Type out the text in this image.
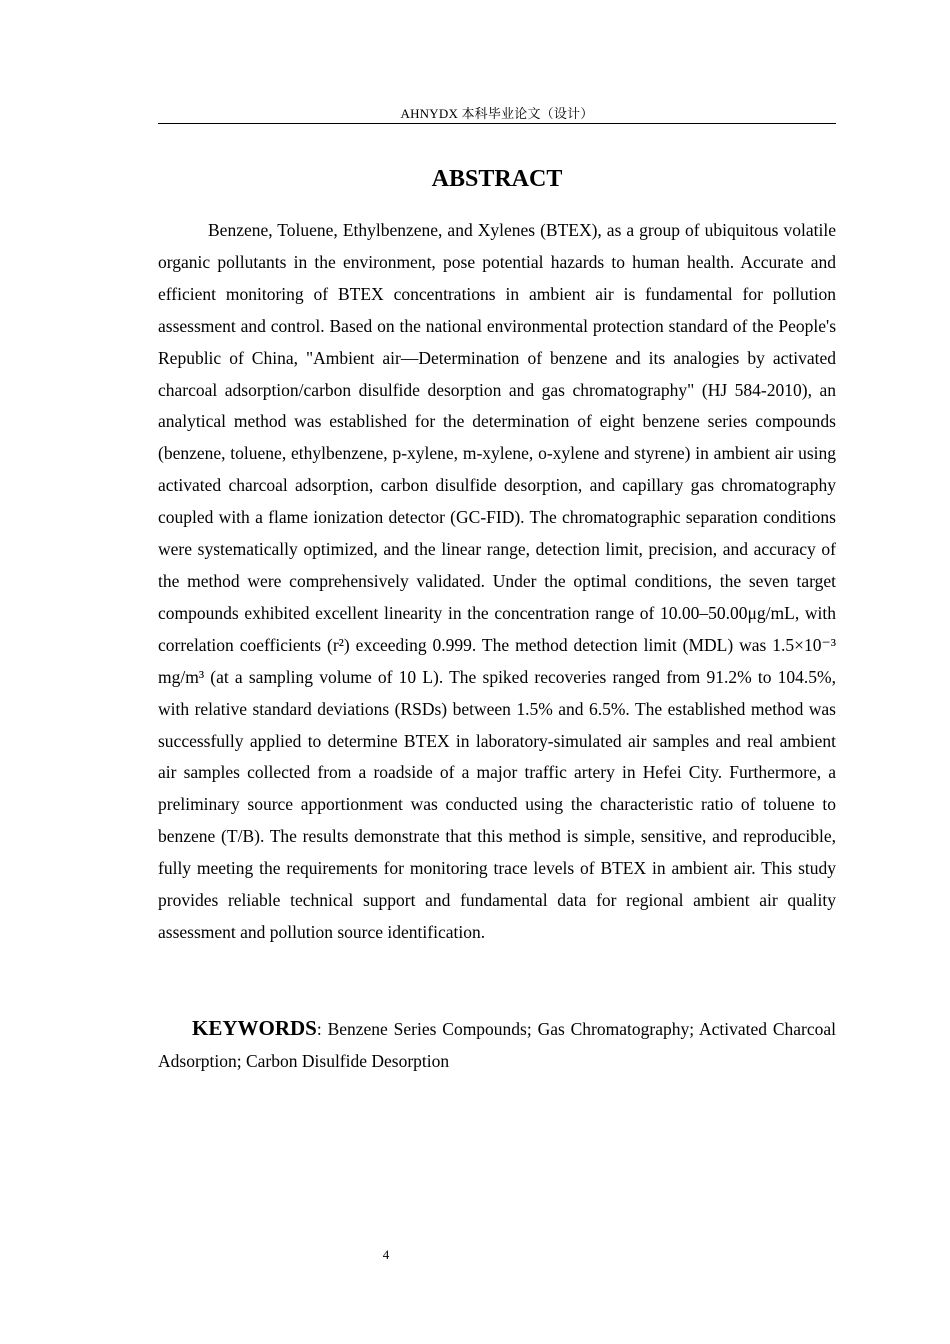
AHNYDX 本科毕业论文（设计）
ABSTRACT

Benzene, Toluene, Ethylbenzene, and Xylenes (BTEX), as a group of ubiquitous volatile organic pollutants in the environment, pose potential hazards to human health. Accurate and efficient monitoring of BTEX concentrations in ambient air is fundamental for pollution assessment and control. Based on the national environmental protection standard of the People's Republic of China, "Ambient air—Determination of benzene and its analogies by activated charcoal adsorption/carbon disulfide desorption and gas chromatography" (HJ 584-2010), an analytical method was established for the determination of eight benzene series compounds (benzene, toluene, ethylbenzene, p-xylene, m-xylene, o-xylene and styrene) in ambient air using activated charcoal adsorption, carbon disulfide desorption, and capillary gas chromatography coupled with a flame ionization detector (GC-FID). The chromatographic separation conditions were systematically optimized, and the linear range, detection limit, precision, and accuracy of the method were comprehensively validated. Under the optimal conditions, the seven target compounds exhibited excellent linearity in the concentration range of 10.00–50.00μg/mL, with correlation coefficients (r²) exceeding 0.999. The method detection limit (MDL) was 1.5×10⁻³ mg/m³ (at a sampling volume of 10 L). The spiked recoveries ranged from 91.2% to 104.5%, with relative standard deviations (RSDs) between 1.5% and 6.5%. The established method was successfully applied to determine BTEX in laboratory-simulated air samples and real ambient air samples collected from a roadside of a major traffic artery in Hefei City. Furthermore, a preliminary source apportionment was conducted using the characteristic ratio of toluene to benzene (T/B). The results demonstrate that this method is simple, sensitive, and reproducible, fully meeting the requirements for monitoring trace levels of BTEX in ambient air. This study provides reliable technical support and fundamental data for regional ambient air quality assessment and pollution source identification.

KEYWORDS: Benzene Series Compounds; Gas Chromatography; Activated Charcoal Adsorption; Carbon Disulfide Desorption

4
